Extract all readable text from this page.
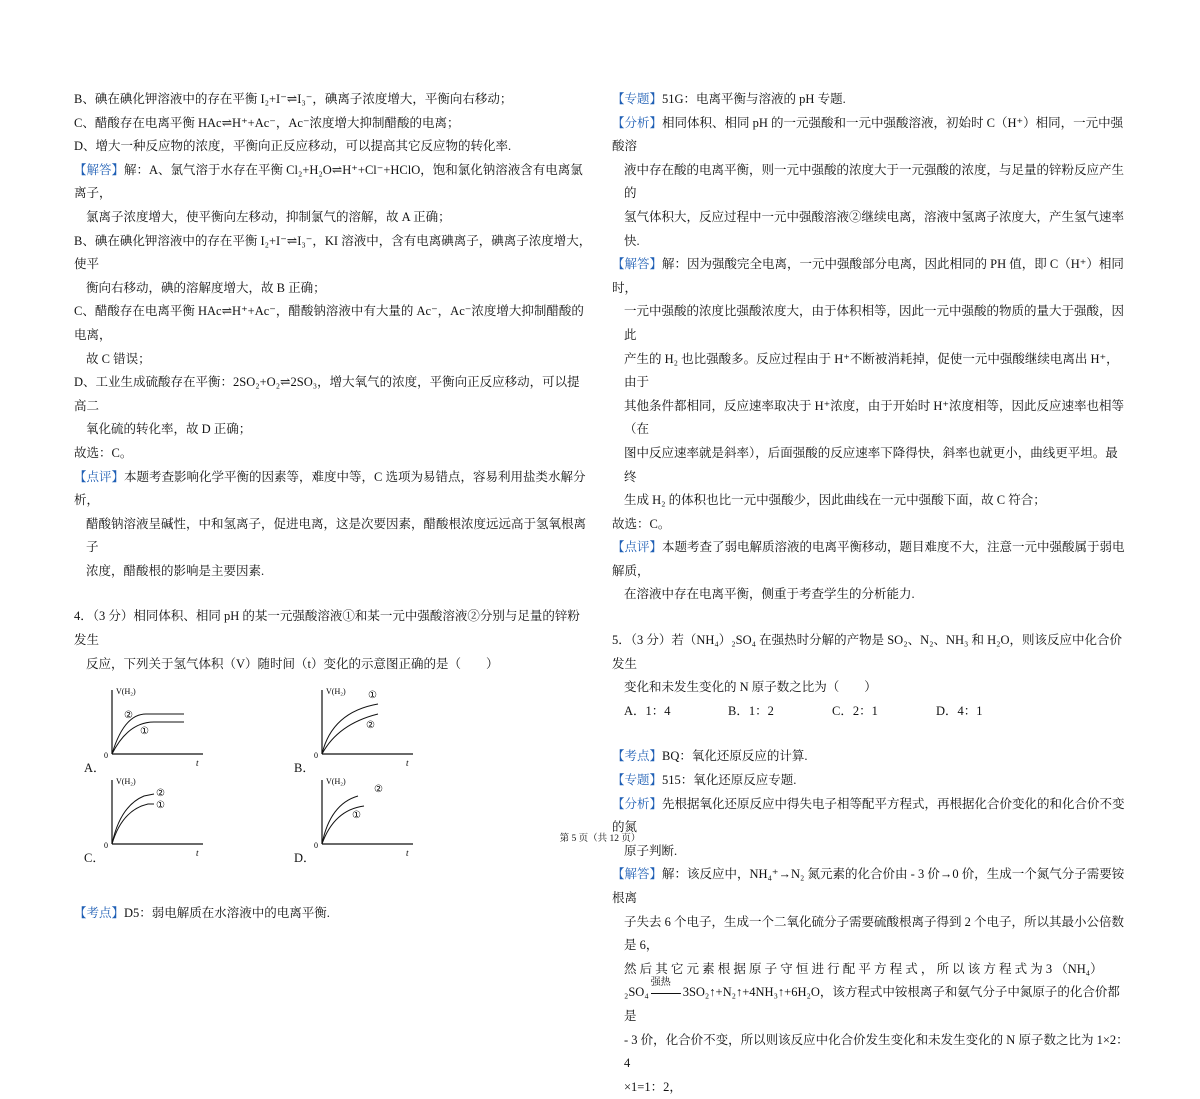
B、碘在碘化钾溶液中的存在平衡 I₂+I⁻⇌I₃⁻，碘离子浓度增大，平衡向右移动；

C、醋酸存在电离平衡 HAc⇌H⁺+Ac⁻，Ac⁻浓度增大抑制醋酸的电离；

D、增大一种反应物的浓度，平衡向正反应移动，可以提高其它反应物的转化率.

【解答】解：A、氯气溶于水存在平衡 Cl₂+H₂O⇌H⁺+Cl⁻+HClO，饱和氯化钠溶液含有电离氯离子，

氯离子浓度增大，使平衡向左移动，抑制氯气的溶解，故 A 正确；

B、碘在碘化钾溶液中的存在平衡 I₂+I⁻⇌I₃⁻，KI 溶液中，含有电离碘离子，碘离子浓度增大，使平

衡向右移动，碘的溶解度增大，故 B 正确；

C、醋酸存在电离平衡 HAc⇌H⁺+Ac⁻，醋酸钠溶液中有大量的 Ac⁻，Ac⁻浓度增大抑制醋酸的电离，

故 C 错误；

D、工业生成硫酸存在平衡：2SO₂+O₂⇌2SO₃，增大氧气的浓度，平衡向正反应移动，可以提高二

氧化硫的转化率，故 D 正确；

故选：C。

【点评】本题考查影响化学平衡的因素等，难度中等，C 选项为易错点，容易利用盐类水解分析，

醋酸钠溶液呈碱性，中和氢离子，促进电离，这是次要因素，醋酸根浓度远远高于氢氧根离子

浓度，醋酸根的影响是主要因素.

4．（3 分）相同体积、相同 pH 的某一元强酸溶液①和某一元中强酸溶液②分别与足量的锌粉发生

反应，下列关于氢气体积（V）随时间（t）变化的示意图正确的是（　　）

A．
V(H₂)
0
t
②
①
B．
V(H₂)
0
t
①
②
C．
V(H₂)
0
t
②
①
D．
V(H₂)
0
t
①
②

【考点】D5：弱电解质在水溶液中的电离平衡.

【专题】51G：电离平衡与溶液的 pH 专题.

【分析】相同体积、相同 pH 的一元强酸和一元中强酸溶液，初始时 C（H⁺）相同，一元中强酸溶

液中存在酸的电离平衡，则一元中强酸的浓度大于一元强酸的浓度，与足量的锌粉反应产生的

氢气体积大，反应过程中一元中强酸溶液②继续电离，溶液中氢离子浓度大，产生氢气速率快.

【解答】解：因为强酸完全电离，一元中强酸部分电离，因此相同的 PH 值，即 C（H⁺）相同时，

一元中强酸的浓度比强酸浓度大，由于体积相等，因此一元中强酸的物质的量大于强酸，因此

产生的 H₂ 也比强酸多。反应过程由于 H⁺不断被消耗掉，促使一元中强酸继续电离出 H⁺，由于

其他条件都相同，反应速率取决于 H⁺浓度，由于开始时 H⁺浓度相等，因此反应速率也相等（在

图中反应速率就是斜率），后面强酸的反应速率下降得快，斜率也就更小，曲线更平坦。最终

生成 H₂ 的体积也比一元中强酸少，因此曲线在一元中强酸下面，故 C 符合；

故选：C。

【点评】本题考查了弱电解质溶液的电离平衡移动，题目难度不大，注意一元中强酸属于弱电解质，

在溶液中存在电离平衡，侧重于考查学生的分析能力.

5．（3 分）若（NH₄）₂SO₄ 在强热时分解的产物是 SO₂、N₂、NH₃ 和 H₂O，则该反应中化合价发生

变化和未发生变化的 N 原子数之比为（　　）

A．1：4	B．1：2	C．2：1	D．4：1

【考点】BQ：氧化还原反应的计算.

【专题】515：氧化还原反应专题.

【分析】先根据氧化还原反应中得失电子相等配平方程式，再根据化合价变化的和化合价不变的氮

原子判断.

【解答】解：该反应中，NH₄⁺→N₂ 氮元素的化合价由 - 3 价→0 价，生成一个氮气分子需要铵根离

子失去 6 个电子，生成一个二氧化硫分子需要硫酸根离子得到 2 个电子，所以其最小公倍数是 6，

然 后 其 它 元 素 根 据 原 子 守 恒 进 行 配 平 方 程 式 ， 所 以 该 方 程 式 为 3 （NH₄）

₂SO₄
强热
3SO₂↑+N₂↑+4NH₃↑+6H₂O，该方程式中铵根离子和氨气分子中氮原子的化合价都是

- 3 价，化合价不变，所以则该反应中化合价发生变化和未发生变化的 N 原子数之比为 1×2：4

×1=1：2，

第 5 页（共 12 页）
